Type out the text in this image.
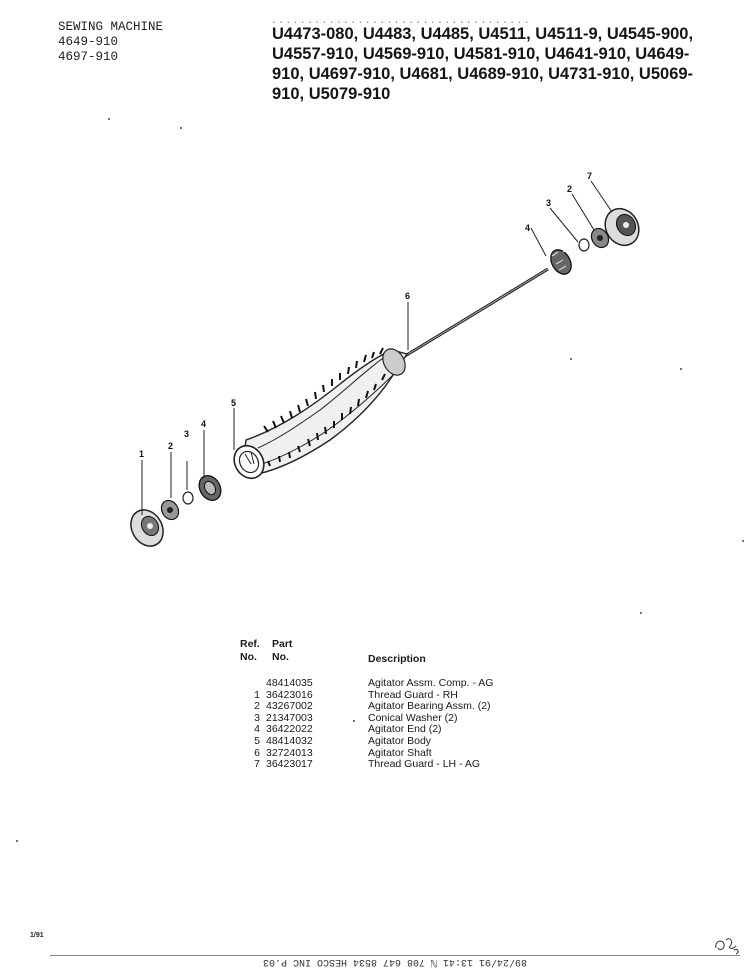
SEWING MACHINE
4649-910
4697-910
. . . . . . . . . . . . . . . . . . . . . . . . . . . . . . . . . . . .
U4473-080, U4483, U4485, U4511, U4511-9, U4545-900,
U4557-910, U4569-910, U4581-910, U4641-910, U4649-
910, U4697-910, U4681, U4689-910, U4731-910, U5069-
910, U5079-910
1
2
3
4
5
6
4
3
2
7
Ref.
No.
Part
No.	Description
48414035	Agitator Assm. Comp. - AG
1 36423016	Thread Guard - RH
2 43267002	Agitator Bearing Assm. (2)
3 21347003	Conical Washer (2)
4 36422022	Agitator End (2)
5 48414032	Agitator Body
6 32724013	Agitator Shaft
7 36423017	Thread Guard - LH - AG
1/91
89/24/91 13:41 ℕ 708 647 8534 HESCO INC P.03
